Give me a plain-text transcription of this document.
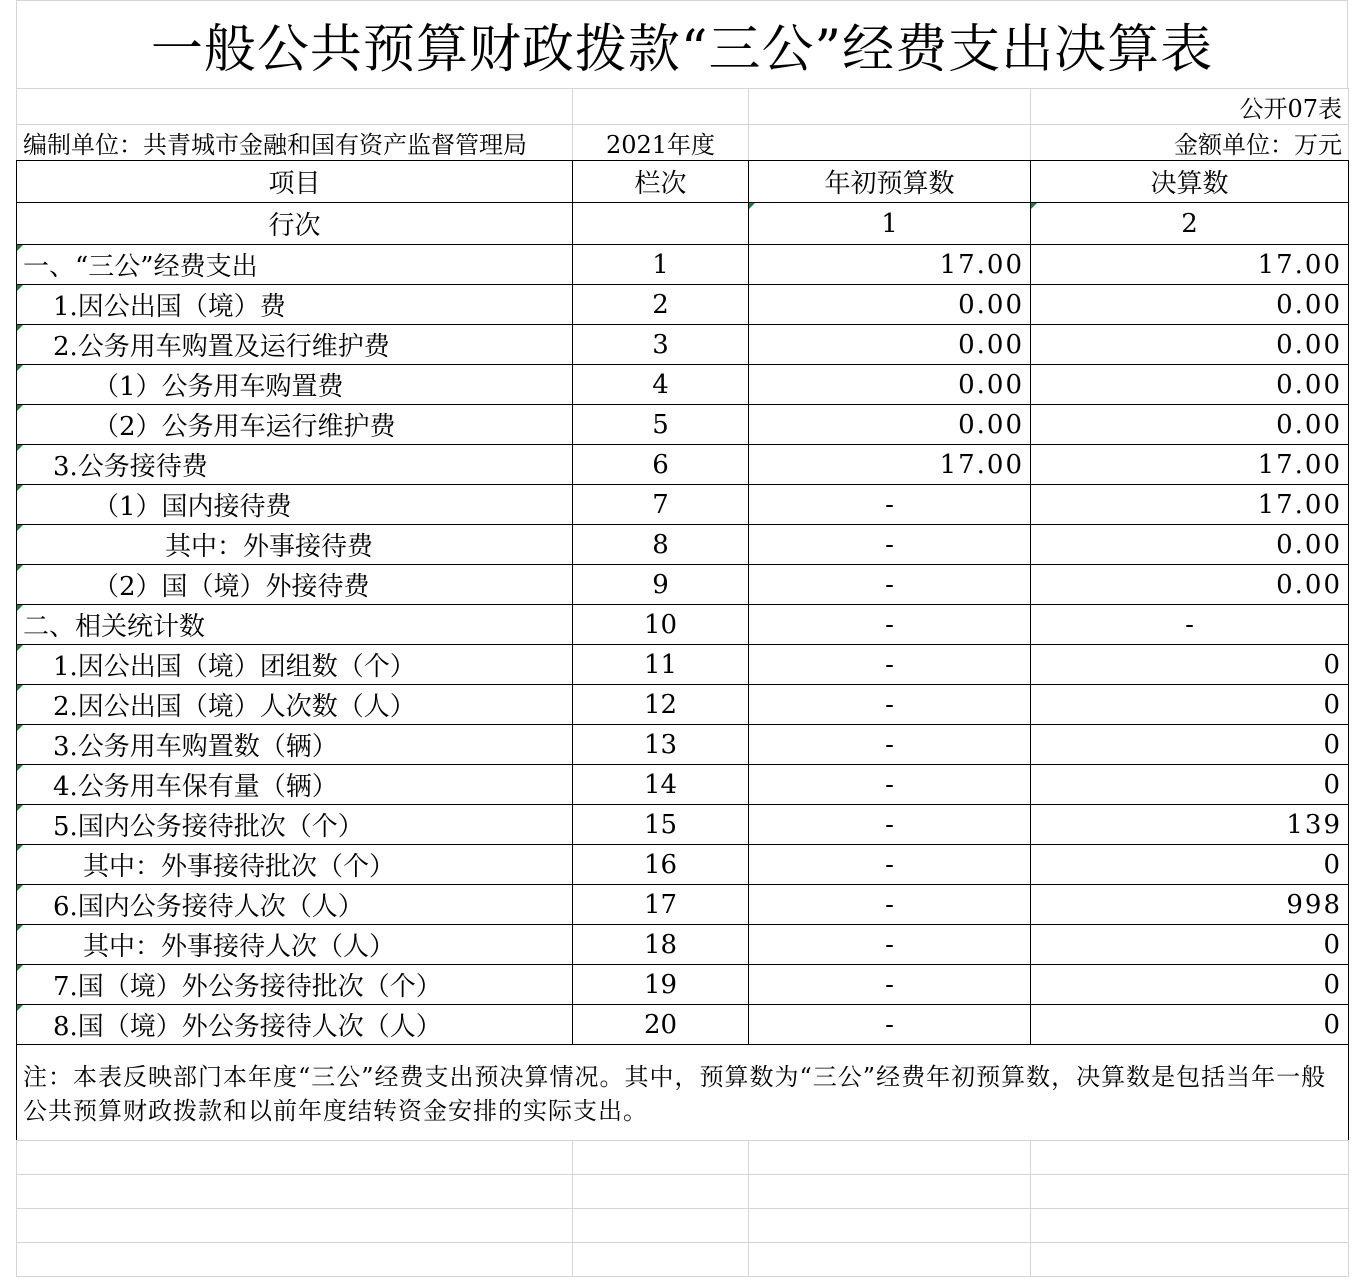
一般公共预算财政拨款“三公”经费支出决算表
			公开07表
编制单位：共青城市金融和国有资产监督管理局	2021年度		金额单位：万元
项目	栏次	年初预算数	决算数
行次		1	2
一、“三公”经费支出	1	17.00	17.00
1.因公出国（境）费	2	0.00	0.00
2.公务用车购置及运行维护费	3	0.00	0.00
（1）公务用车购置费	4	0.00	0.00
（2）公务用车运行维护费	5	0.00	0.00
3.公务接待费	6	17.00	17.00
（1）国内接待费	7	-	17.00
其中：外事接待费	8	-	0.00
（2）国（境）外接待费	9	-	0.00
二、相关统计数	10	-	-
1.因公出国（境）团组数（个）	11	-	0
2.因公出国（境）人次数（人）	12	-	0
3.公务用车购置数（辆）	13	-	0
4.公务用车保有量（辆）	14	-	0
5.国内公务接待批次（个）	15	-	139
其中：外事接待批次（个）	16	-	0
6.国内公务接待人次（人）	17	-	998
其中：外事接待人次（人）	18	-	0
7.国（境）外公务接待批次（个）	19	-	0
8.国（境）外公务接待人次（人）	20	-	0
注：本表反映部门本年度“三公”经费支出预决算情况。其中，预算数为“三公”经费年初预算数，决算数是包括当年一般公共预算财政拨款和以前年度结转资金安排的实际支出。
